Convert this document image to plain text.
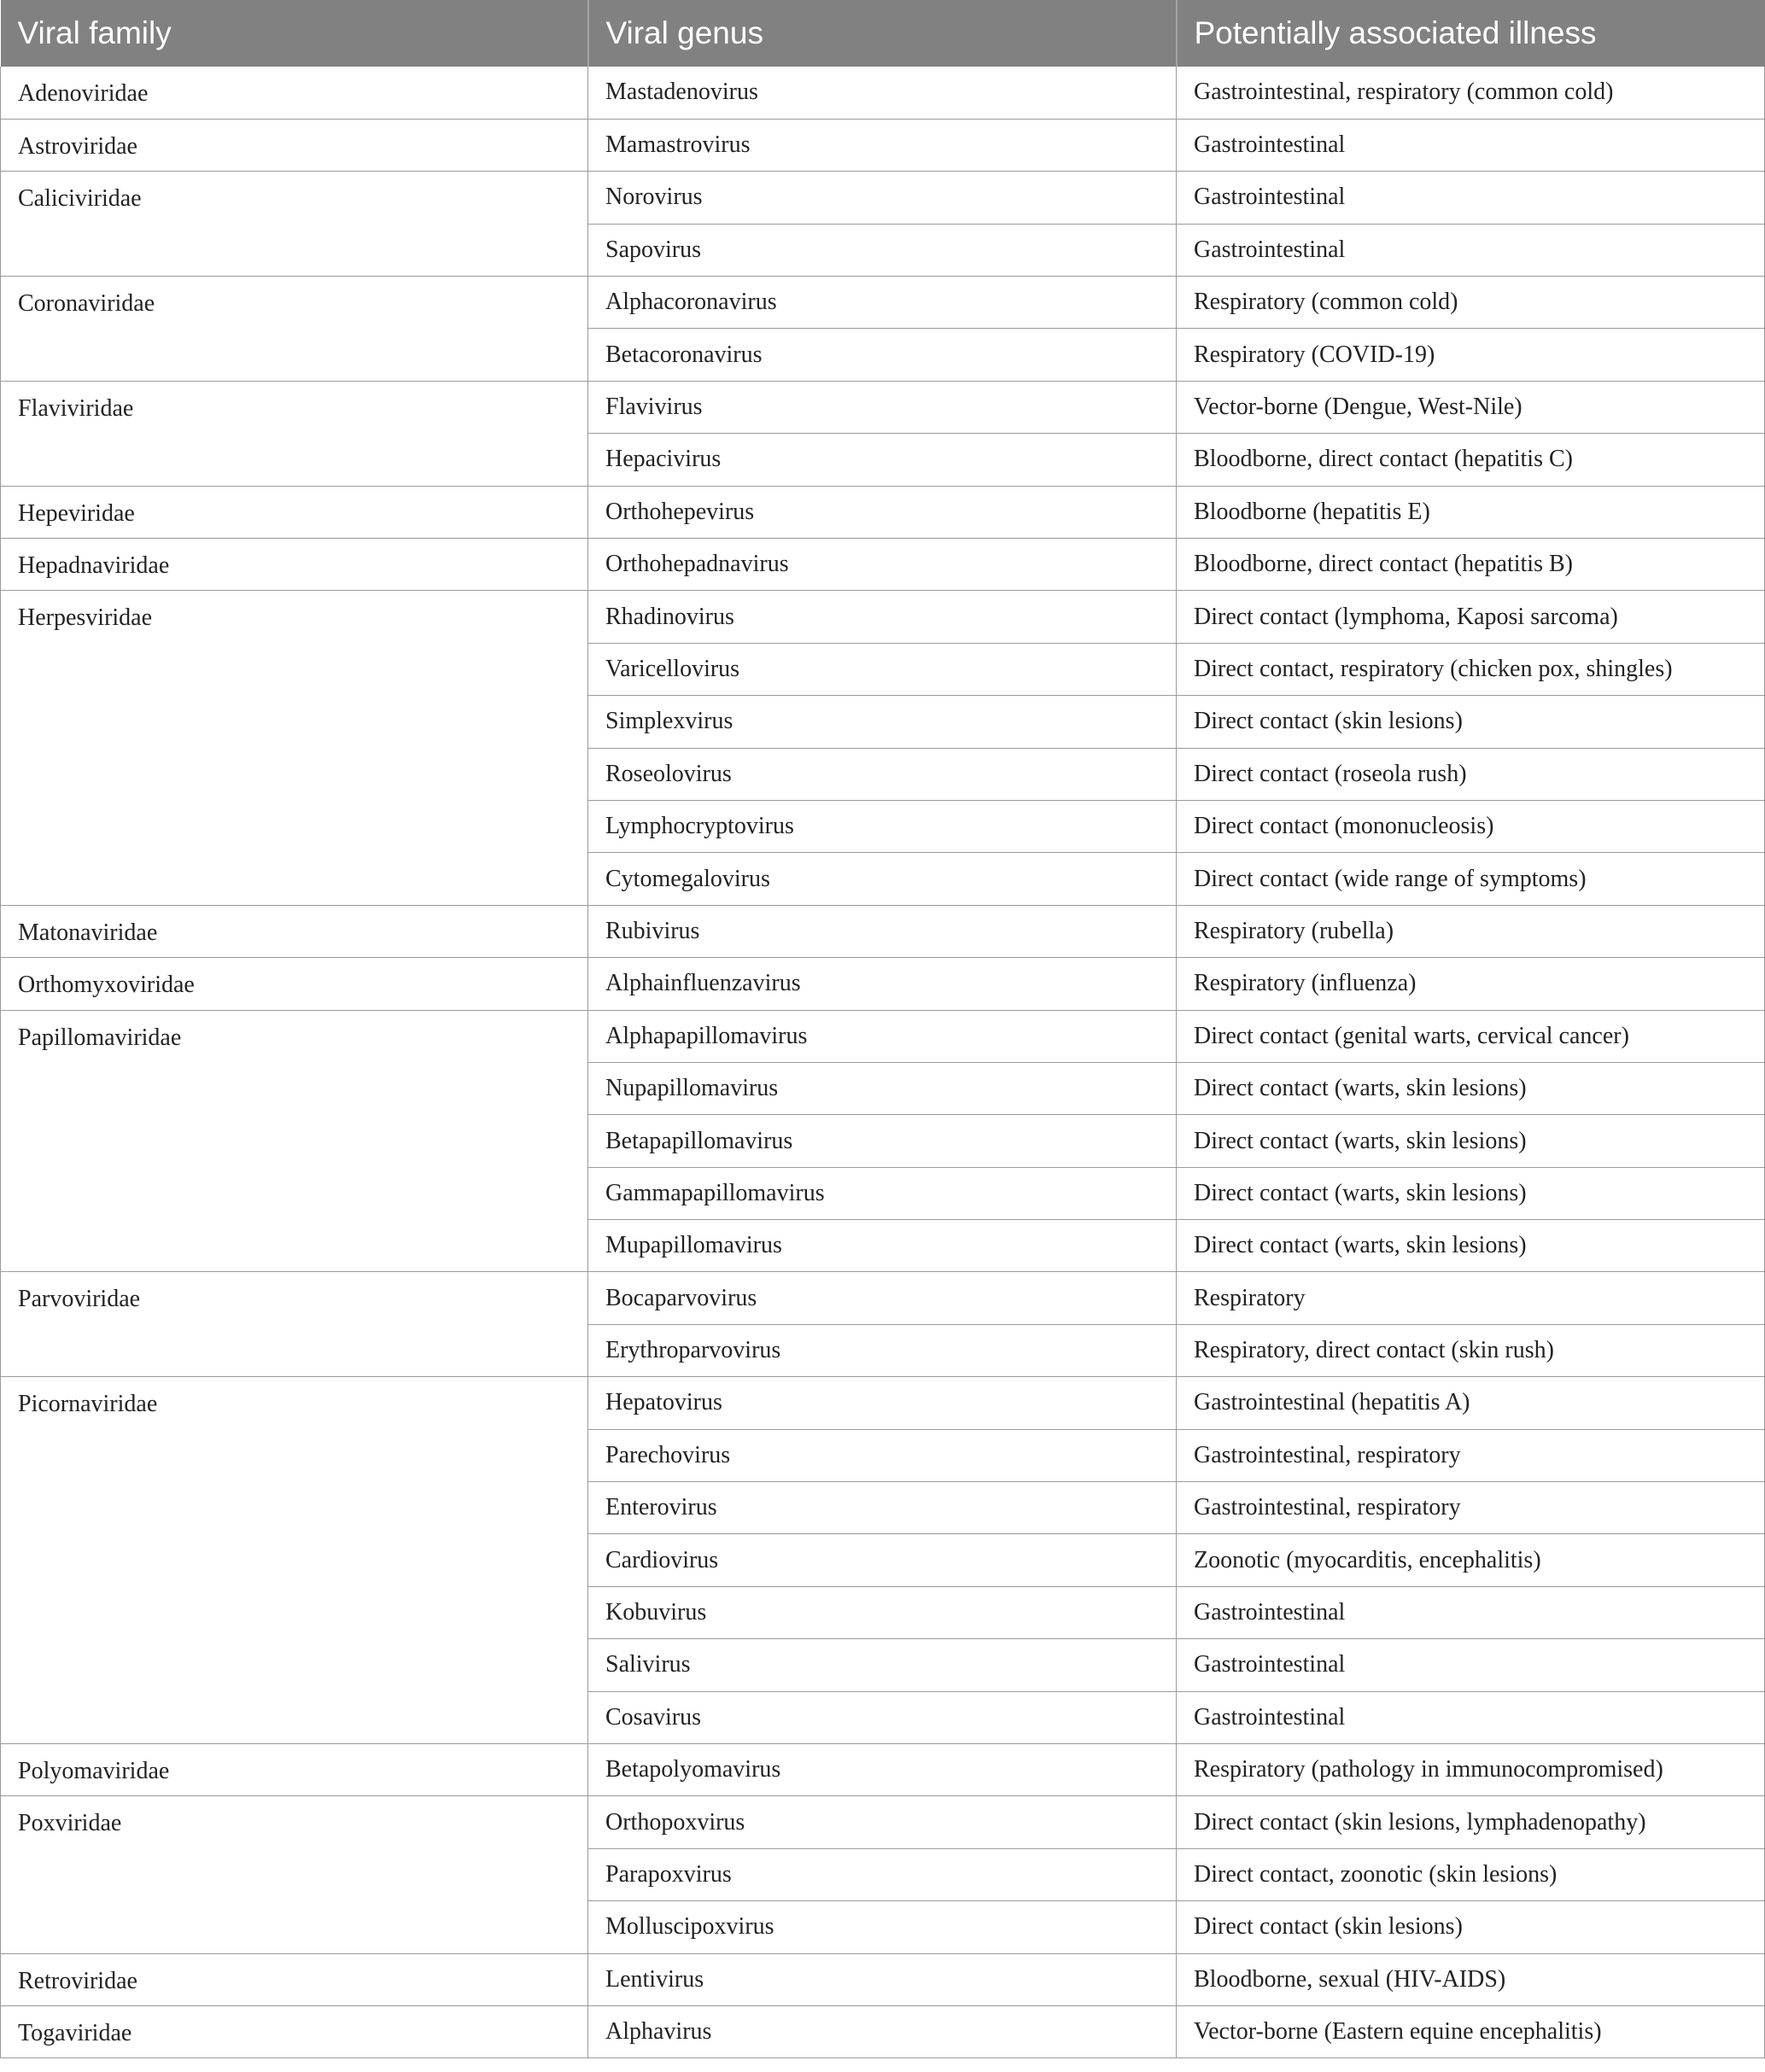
Viral family	Viral genus	Potentially associated illness
Adenoviridae	Mastadenovirus	Gastrointestinal, respiratory (common cold)
Astroviridae	Mamastrovirus	Gastrointestinal
Caliciviridae	Norovirus	Gastrointestinal
	Sapovirus	Gastrointestinal
Coronaviridae	Alphacoronavirus	Respiratory (common cold)
	Betacoronavirus	Respiratory (COVID-19)
Flaviviridae	Flavivirus	Vector-borne (Dengue, West-Nile)
	Hepacivirus	Bloodborne, direct contact (hepatitis C)
Hepeviridae	Orthohepevirus	Bloodborne (hepatitis E)
Hepadnaviridae	Orthohepadnavirus	Bloodborne, direct contact (hepatitis B)
Herpesviridae	Rhadinovirus	Direct contact (lymphoma, Kaposi sarcoma)
	Varicellovirus	Direct contact, respiratory (chicken pox, shingles)
	Simplexvirus	Direct contact (skin lesions)
	Roseolovirus	Direct contact (roseola rush)
	Lymphocryptovirus	Direct contact (mononucleosis)
	Cytomegalovirus	Direct contact (wide range of symptoms)
Matonaviridae	Rubivirus	Respiratory (rubella)
Orthomyxoviridae	Alphainfluenzavirus	Respiratory (influenza)
Papillomaviridae	Alphapapillomavirus	Direct contact (genital warts, cervical cancer)
	Nupapillomavirus	Direct contact (warts, skin lesions)
	Betapapillomavirus	Direct contact (warts, skin lesions)
	Gammapapillomavirus	Direct contact (warts, skin lesions)
	Mupapillomavirus	Direct contact (warts, skin lesions)
Parvoviridae	Bocaparvovirus	Respiratory
	Erythroparvovirus	Respiratory, direct contact (skin rush)
Picornaviridae	Hepatovirus	Gastrointestinal (hepatitis A)
	Parechovirus	Gastrointestinal, respiratory
	Enterovirus	Gastrointestinal, respiratory
	Cardiovirus	Zoonotic (myocarditis, encephalitis)
	Kobuvirus	Gastrointestinal
	Salivirus	Gastrointestinal
	Cosavirus	Gastrointestinal
Polyomaviridae	Betapolyomavirus	Respiratory (pathology in immunocompromised)
Poxviridae	Orthopoxvirus	Direct contact (skin lesions, lymphadenopathy)
	Parapoxvirus	Direct contact, zoonotic (skin lesions)
	Molluscipoxvirus	Direct contact (skin lesions)
Retroviridae	Lentivirus	Bloodborne, sexual (HIV-AIDS)
Togaviridae	Alphavirus	Vector-borne (Eastern equine encephalitis)
